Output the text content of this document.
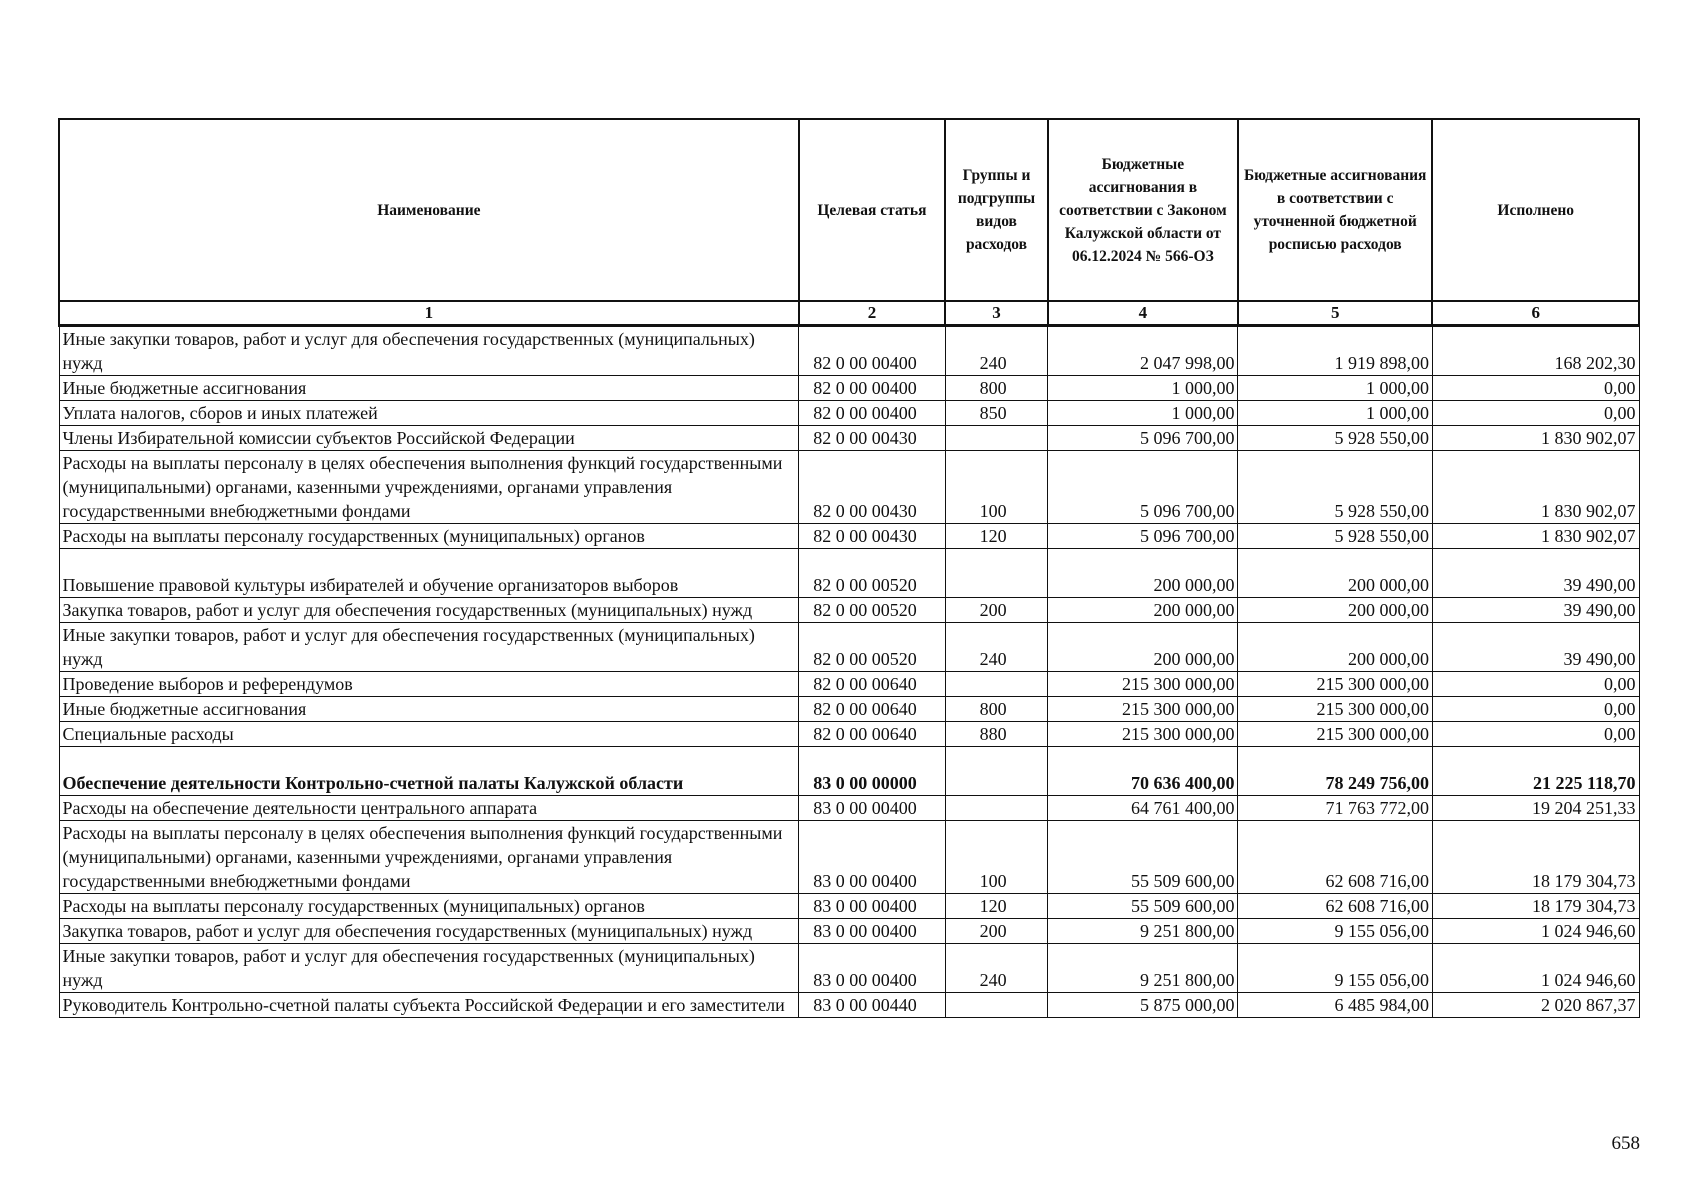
Наименование	Целевая статья	Группы и подгруппы видов расходов	Бюджетные ассигнования в соответствии с Законом Калужской области от 06.12.2024 № 566-ОЗ	Бюджетные ассигнования в соответствии с уточненной бюджетной росписью расходов	Исполнено
1	2	3	4	5	6
Иные закупки товаров, работ и услуг для обеспечения государственных (муниципальных) нужд	82 0 00 00400	240	2 047 998,00	1 919 898,00	168 202,30
Иные бюджетные ассигнования	82 0 00 00400	800	1 000,00	1 000,00	0,00
Уплата налогов, сборов и иных платежей	82 0 00 00400	850	1 000,00	1 000,00	0,00
Члены Избирательной комиссии субъектов Российской Федерации	82 0 00 00430		5 096 700,00	5 928 550,00	1 830 902,07
Расходы на выплаты персоналу в целях обеспечения выполнения функций государственными (муниципальными) органами, казенными учреждениями, органами управления государственными внебюджетными фондами	82 0 00 00430	100	5 096 700,00	5 928 550,00	1 830 902,07
Расходы на выплаты персоналу государственных (муниципальных) органов	82 0 00 00430	120	5 096 700,00	5 928 550,00	1 830 902,07
Повышение правовой культуры избирателей и обучение организаторов выборов	82 0 00 00520		200 000,00	200 000,00	39 490,00
Закупка товаров, работ и услуг для обеспечения государственных (муниципальных) нужд	82 0 00 00520	200	200 000,00	200 000,00	39 490,00
Иные закупки товаров, работ и услуг для обеспечения государственных (муниципальных) нужд	82 0 00 00520	240	200 000,00	200 000,00	39 490,00
Проведение выборов и референдумов	82 0 00 00640		215 300 000,00	215 300 000,00	0,00
Иные бюджетные ассигнования	82 0 00 00640	800	215 300 000,00	215 300 000,00	0,00
Специальные расходы	82 0 00 00640	880	215 300 000,00	215 300 000,00	0,00
Обеспечение деятельности Контрольно-счетной палаты Калужской области	83 0 00 00000		70 636 400,00	78 249 756,00	21 225 118,70
Расходы на обеспечение деятельности центрального аппарата	83 0 00 00400		64 761 400,00	71 763 772,00	19 204 251,33
Расходы на выплаты персоналу в целях обеспечения выполнения функций государственными (муниципальными) органами, казенными учреждениями, органами управления государственными внебюджетными фондами	83 0 00 00400	100	55 509 600,00	62 608 716,00	18 179 304,73
Расходы на выплаты персоналу государственных (муниципальных) органов	83 0 00 00400	120	55 509 600,00	62 608 716,00	18 179 304,73
Закупка товаров, работ и услуг для обеспечения государственных (муниципальных) нужд	83 0 00 00400	200	9 251 800,00	9 155 056,00	1 024 946,60
Иные закупки товаров, работ и услуг для обеспечения государственных (муниципальных) нужд	83 0 00 00400	240	9 251 800,00	9 155 056,00	1 024 946,60
Руководитель Контрольно-счетной палаты субъекта Российской Федерации и его заместители	83 0 00 00440		5 875 000,00	6 485 984,00	2 020 867,37
658
